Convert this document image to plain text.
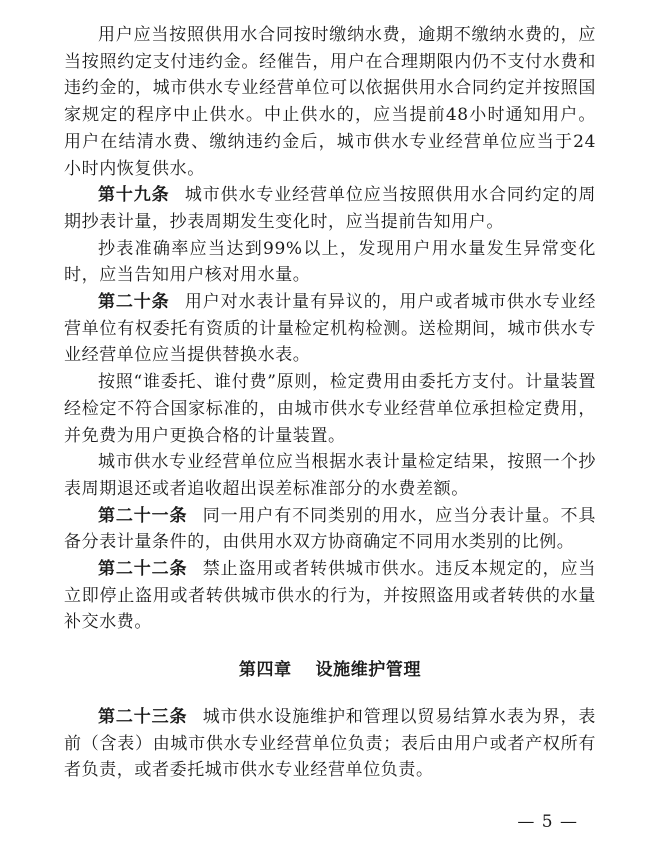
用户应当按照供用水合同按时缴纳水费，逾期不缴纳水费的，应当按照约定支付违约金。经催告，用户在合理期限内仍不支付水费和违约金的，城市供水专业经营单位可以依据供用水合同约定并按照国家规定的程序中止供水。中止供水的，应当提前48小时通知用户。用户在结清水费、缴纳违约金后，城市供水专业经营单位应当于24小时内恢复供水。

第十九条 城市供水专业经营单位应当按照供用水合同约定的周期抄表计量，抄表周期发生变化时，应当提前告知用户。

抄表准确率应当达到99%以上，发现用户用水量发生异常变化时，应当告知用户核对用水量。

第二十条 用户对水表计量有异议的，用户或者城市供水专业经营单位有权委托有资质的计量检定机构检测。送检期间，城市供水专业经营单位应当提供替换水表。

按照“谁委托、谁付费”原则，检定费用由委托方支付。计量装置经检定不符合国家标准的，由城市供水专业经营单位承担检定费用，并免费为用户更换合格的计量装置。

城市供水专业经营单位应当根据水表计量检定结果，按照一个抄表周期退还或者追收超出误差标准部分的水费差额。

第二十一条 同一用户有不同类别的用水，应当分表计量。不具备分表计量条件的，由供用水双方协商确定不同用水类别的比例。

第二十二条 禁止盗用或者转供城市供水。违反本规定的，应当立即停止盗用或者转供城市供水的行为，并按照盗用或者转供的水量补交水费。

第四章 设施维护管理

第二十三条 城市供水设施维护和管理以贸易结算水表为界，表前（含表）由城市供水专业经营单位负责；表后由用户或者产权所有者负责，或者委托城市供水专业经营单位负责。

— 5 —
